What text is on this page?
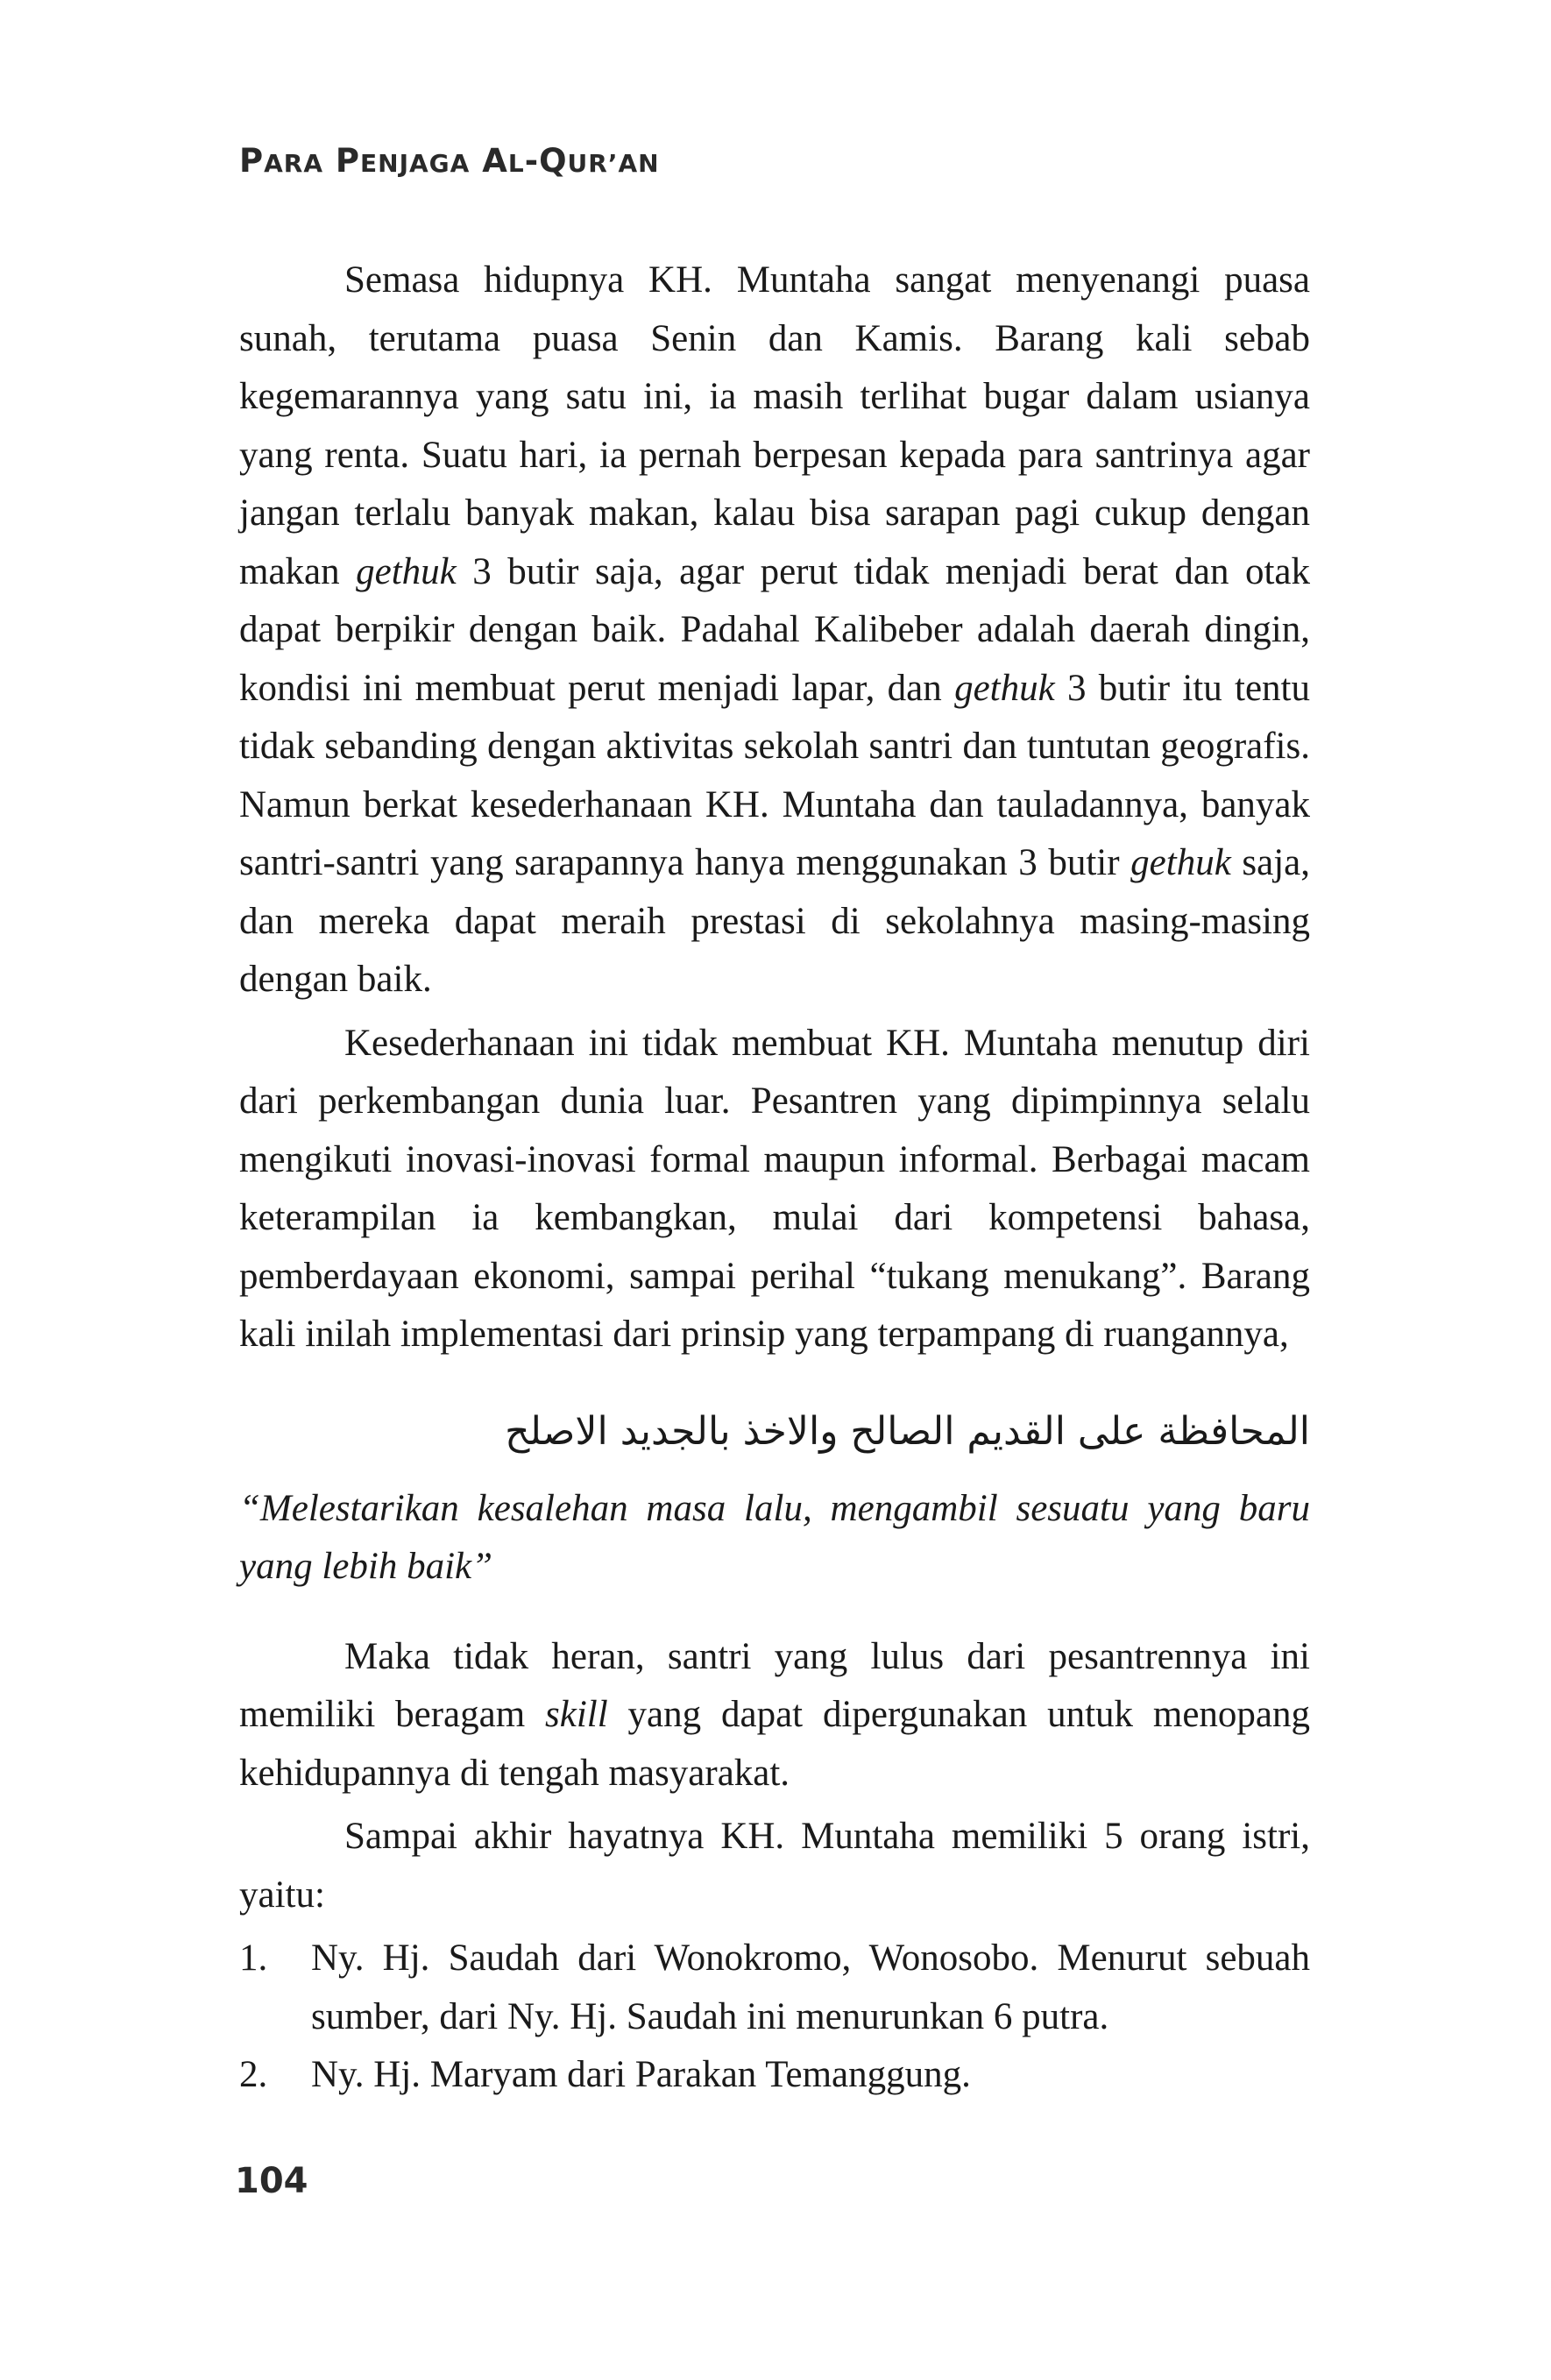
PARA PENJAGA AL-QUR’AN

Semasa hidupnya KH. Muntaha sangat menyenangi puasa sunah, terutama puasa Senin dan Kamis. Barang kali sebab kegemarannya yang satu ini, ia masih terlihat bugar dalam usianya yang renta. Suatu hari, ia pernah berpesan kepada para santrinya agar jangan terlalu banyak makan, kalau bisa sarapan pagi cukup dengan makan gethuk 3 butir saja, agar perut tidak menjadi berat dan otak dapat berpikir dengan baik. Padahal Kalibeber adalah daerah dingin, kondisi ini membuat perut menjadi lapar, dan gethuk 3 butir itu tentu tidak sebanding dengan aktivitas sekolah santri dan tuntutan geografis. Namun berkat kesederhanaan KH. Muntaha dan tauladannya, banyak santri-santri yang sarapannya hanya menggunakan 3 butir gethuk saja, dan mereka dapat meraih prestasi di sekolahnya masing-masing dengan baik.

Kesederhanaan ini tidak membuat KH. Muntaha menutup diri dari perkembangan dunia luar. Pesantren yang dipimpinnya selalu mengikuti inovasi-inovasi formal maupun informal. Berbagai macam keterampilan ia kembangkan, mulai dari kompetensi bahasa, pemberdayaan ekonomi, sampai perihal “tukang menukang”. Barang kali inilah implementasi dari prinsip yang terpampang di ruangannya,

المحافظة على القديم الصالح والاخذ بالجديد الاصلح

“Melestarikan kesalehan masa lalu, mengambil sesuatu yang baru yang lebih baik”

Maka tidak heran, santri yang lulus dari pesantrennya ini memiliki beragam skill yang dapat dipergunakan untuk menopang kehidupannya di tengah masyarakat.

Sampai akhir hayatnya KH. Muntaha memiliki 5 orang istri, yaitu:

1. Ny. Hj. Saudah dari Wonokromo, Wonosobo. Menurut sebuah sumber, dari Ny. Hj. Saudah ini menurunkan 6 putra.
2. Ny. Hj. Maryam dari Parakan Temanggung.
104
